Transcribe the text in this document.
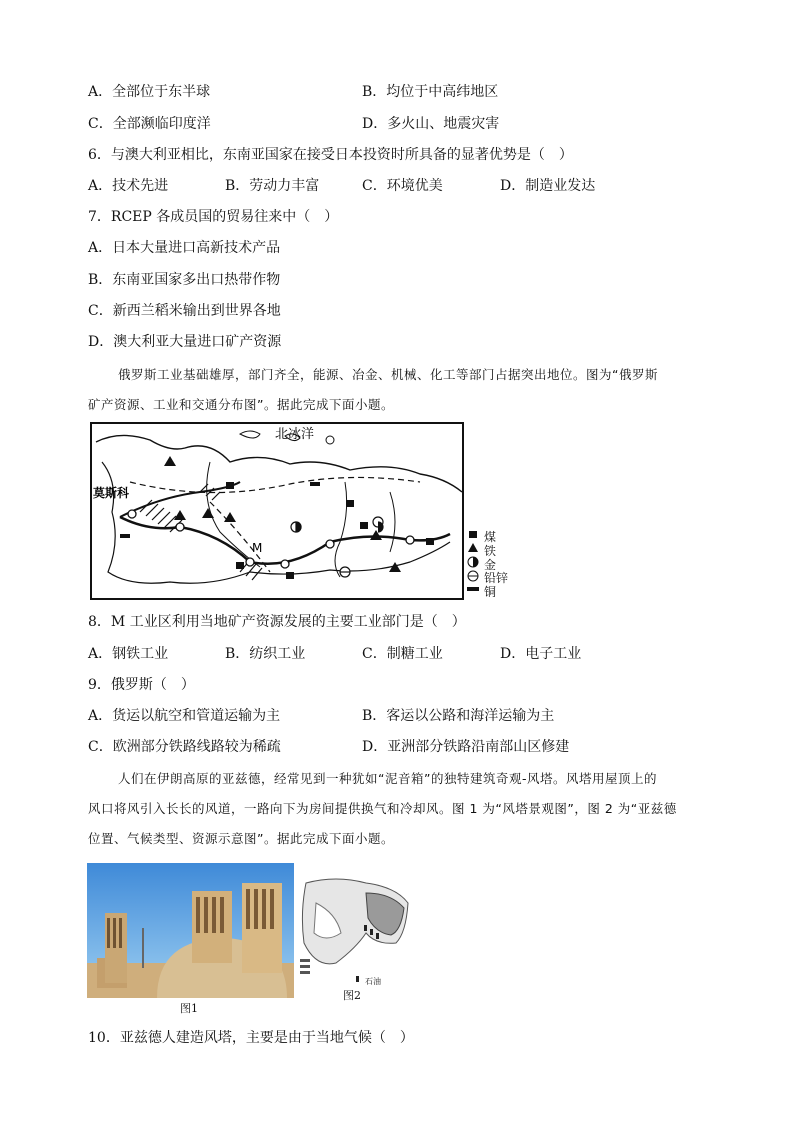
A．全部位于东半球	B．均位于中高纬地区
C．全部濒临印度洋	D．多火山、地震灾害
6．与澳大利亚相比，东南亚国家在接受日本投资时所具备的显著优势是（　）
A．技术先进	B．劳动力丰富	C．环境优美	D．制造业发达
7．RCEP 各成员国的贸易往来中（　）
A．日本大量进口高新技术产品
B．东南亚国家多出口热带作物
C．新西兰稻米输出到世界各地
D．澳大利亚大量进口矿产资源
俄罗斯工业基础雄厚，部门齐全，能源、冶金、机械、化工等部门占据突出地位。图为“俄罗斯
矿产资源、工业和交通分布图”。据此完成下面小题。
北冰洋
莫斯科
M
煤
铁
金
铅锌
铜
8．M 工业区利用当地矿产资源发展的主要工业部门是（　）
A．钢铁工业	B．纺织工业	C．制糖工业	D．电子工业
9．俄罗斯（　）
A．货运以航空和管道运输为主	B．客运以公路和海洋运输为主
C．欧洲部分铁路线路较为稀疏	D．亚洲部分铁路沿南部山区修建
人们在伊朗高原的亚兹德，经常见到一种犹如“泥音箱”的独特建筑奇观-风塔。风塔用屋顶上的
风口将风引入长长的风道，一路向下为房间提供换气和冷却风。图 1 为“风塔景观图”，图 2 为“亚兹德
位置、气候类型、资源示意图”。据此完成下面小题。
图1
石油
图2
10．亚兹德人建造风塔，主要是由于当地气候（　）
